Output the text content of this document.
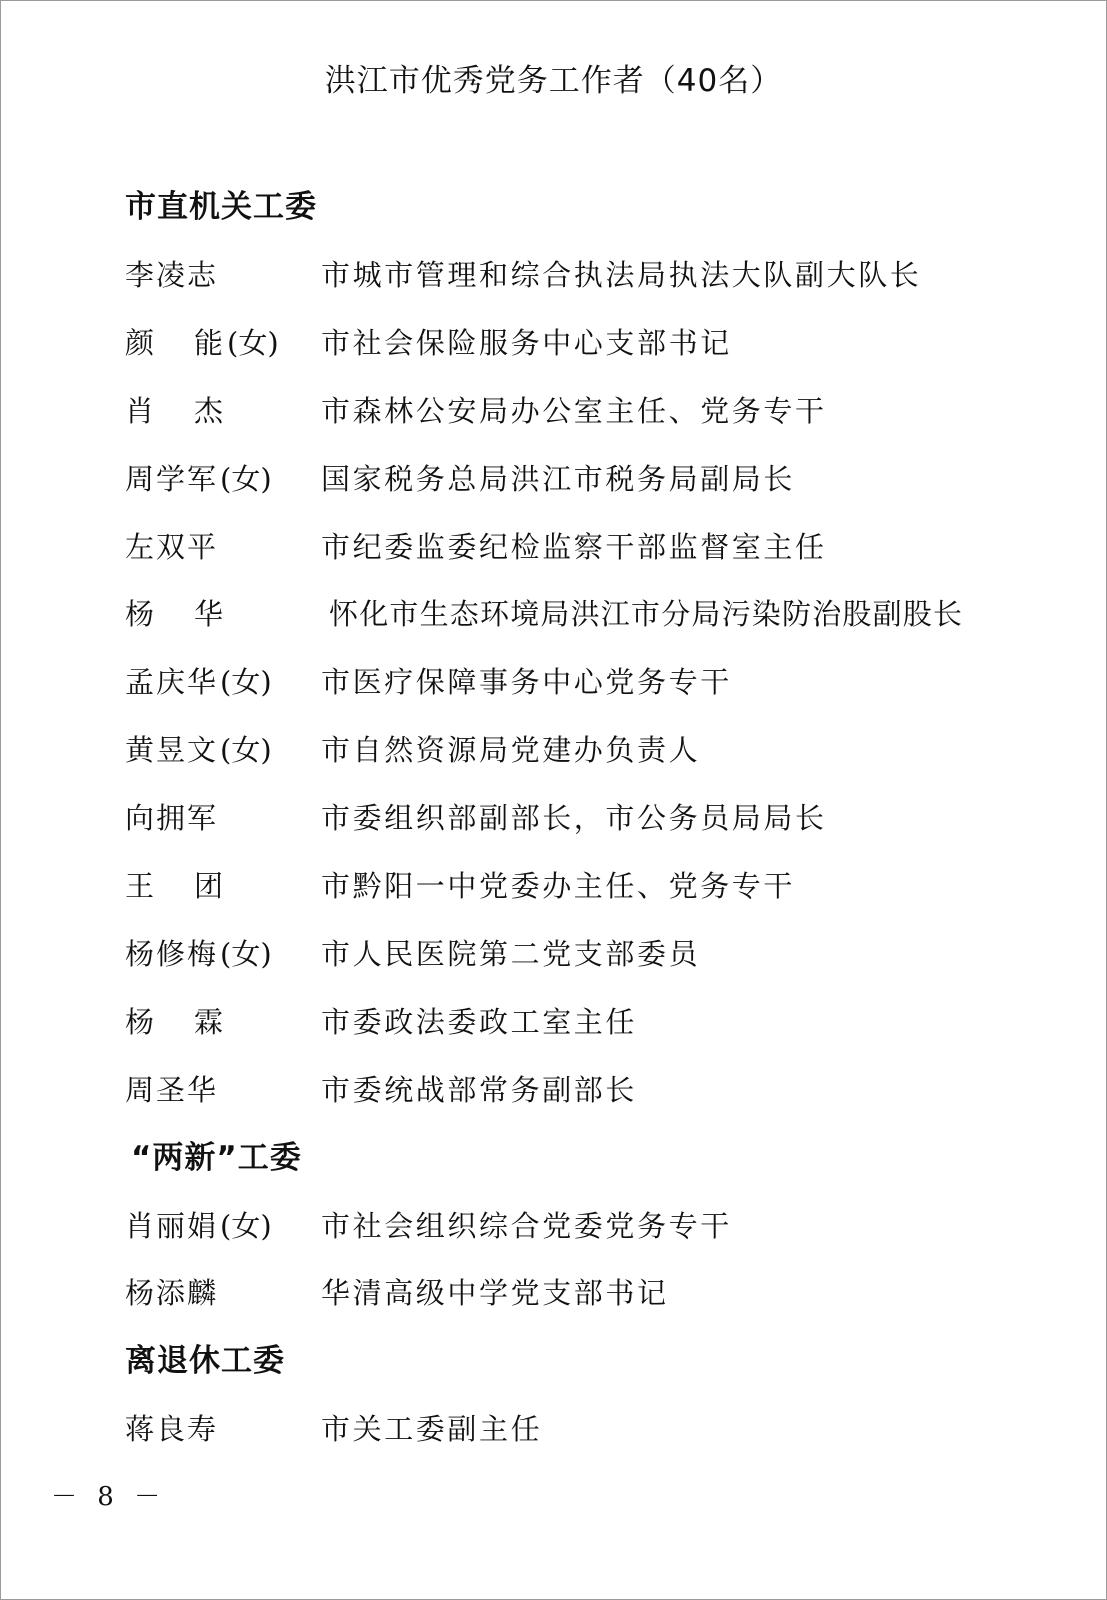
洪江市优秀党务工作者（40名）
市直机关工委
李凌志	市城市管理和综合执法局执法大队副大队长
颜 能(女)	市社会保险服务中心支部书记
肖 杰	市森林公安局办公室主任、党务专干
周学军(女)	国家税务总局洪江市税务局副局长
左双平	市纪委监委纪检监察干部监督室主任
杨 华	怀化市生态环境局洪江市分局污染防治股副股长
孟庆华(女)	市医疗保障事务中心党务专干
黄昱文(女)	市自然资源局党建办负责人
向拥军	市委组织部副部长，市公务员局局长
王 团	市黔阳一中党委办主任、党务专干
杨修梅(女)	市人民医院第二党支部委员
杨 霖	市委政法委政工室主任
周圣华	市委统战部常务副部长
“两新”工委
肖丽娟(女)	市社会组织综合党委党务专干
杨添麟	华清高级中学党支部书记
离退休工委
蒋良寿	市关工委副主任
－ 8 －
